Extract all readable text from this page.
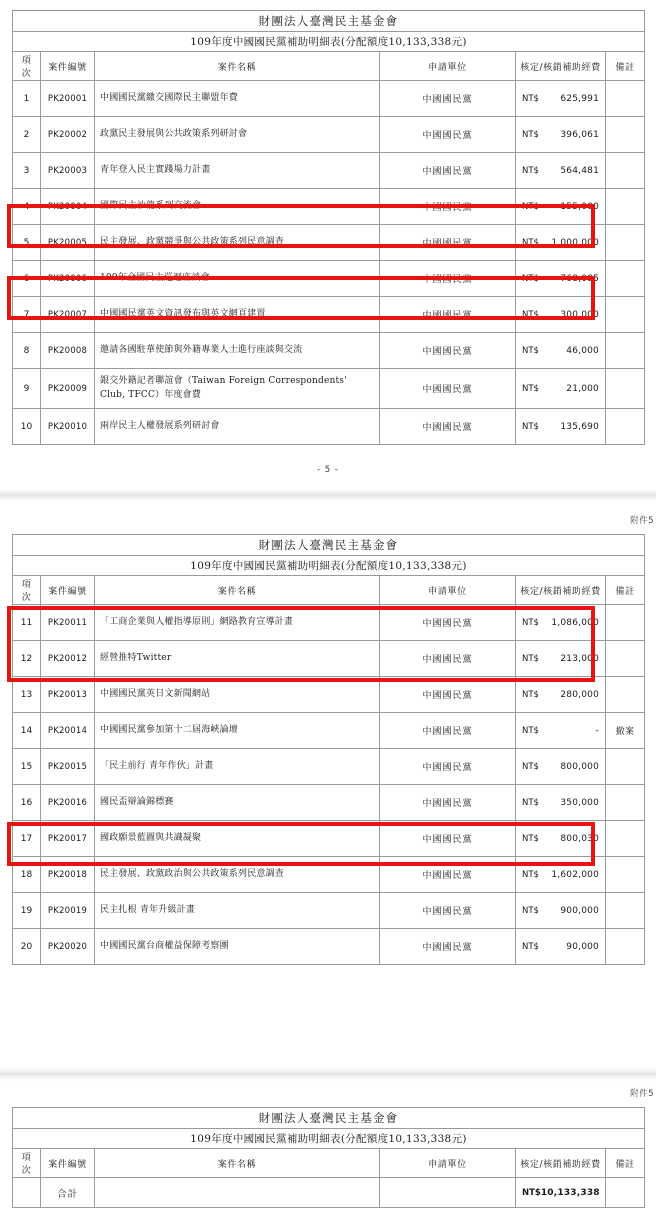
財團法人臺灣民主基金會					
109年度中國國民黨補助明細表(分配額度10,133,338元)					
項次	案件編號	案件名稱	申請單位	核定/核銷補助經費	備註
1	PK20001	中國國民黨繳交國際民主聯盟年費	中國國民黨	NT$ 625,991	

2	PK20002	政黨民主發展與公共政策系列研討會	中國國民黨	NT$ 396,061	

3	PK20003	青年登入民主實踐場力計畫	中國國民黨	NT$ 564,481	

4	PK20004	國際民主沙龍系列交流會	中國國民黨	NT$ 155,000	

5	PK20005	民主發展、政黨競爭與公共政策系列民意調查	中國國民黨	NT$ 1,000,000	

6	PK20006	109年全國民主巡迴座談會	中國國民黨	NT$ 768,085	

7	PK20007	中國國民黨英文資訊發布與英文網頁建置	中國國民黨	NT$ 300,000	

8	PK20008	邀請各國駐華使節與外籍專業人士進行座談與交流	中國國民黨	NT$ 46,000	

9	PK20009	銀交外籍記者聯誼會（Taiwan Foreign Correspondents' Club, TFCC）年度會費	中國國民黨	NT$ 21,000	

10	PK20010	兩岸民主人權發展系列研討會	中國國民黨	NT$ 135,690	

- 5 -
附件5
財團法人臺灣民主基金會					
109年度中國國民黨補助明細表(分配額度10,133,338元)					
項次	案件編號	案件名稱	申請單位	核定/核銷補助經費	備註
11	PK20011	「工商企業與人權指導原則」網路教育宣導計畫	中國國民黨	NT$ 1,086,000	

12	PK20012	經營推特Twitter	中國國民黨	NT$ 213,000	

13	PK20013	中國國民黨英日文新聞網站	中國國民黨	NT$ 280,000	

14	PK20014	中國國民黨參加第十二屆海峽論壇	中國國民黨	NT$ -	撤案
15	PK20015	「民主前行 青年作伙」計畫	中國國民黨	NT$ 800,000	

16	PK20016	國民盃辯論錦標賽	中國國民黨	NT$ 350,000	

17	PK20017	國政願景藍圖與共識凝聚	中國國民黨	NT$ 800,030	

18	PK20018	民主發展、政黨政治與公共政策系列民意調查	中國國民黨	NT$ 1,602,000	

19	PK20019	民主扎根 青年升級計畫	中國國民黨	NT$ 900,000	

20	PK20020	中國國民黨台商權益保障考察團	中國國民黨	NT$ 90,000	

附件5
財團法人臺灣民主基金會					
109年度中國國民黨補助明細表(分配額度10,133,338元)					
項次	案件編號	案件名稱	申請單位	核定/核銷補助經費	備註
	合計			NT$ 10,133,338	
